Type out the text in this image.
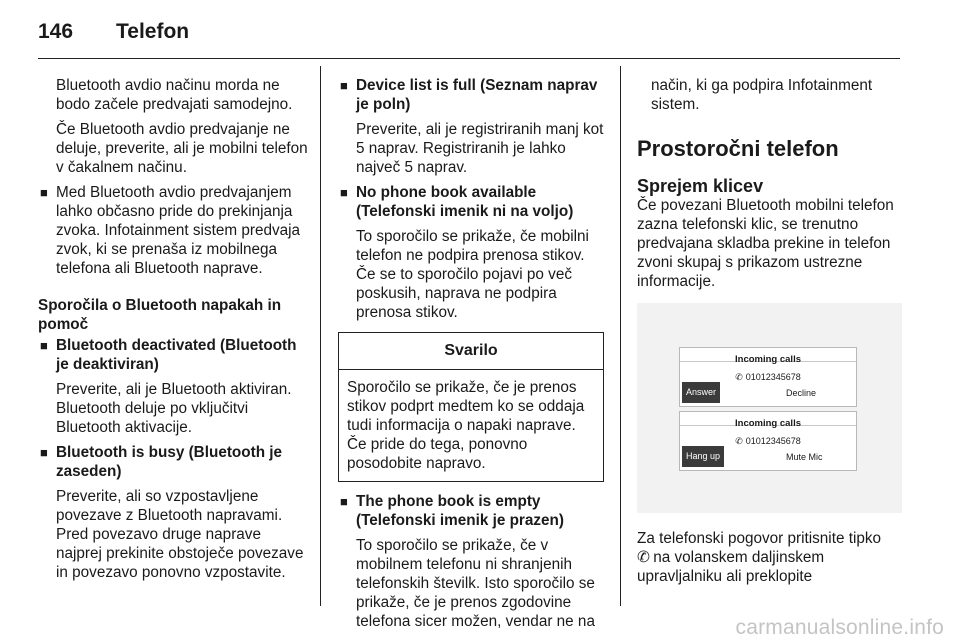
146 Telefon
Bluetooth avdio načinu morda ne bodo začele predvajati samodejno.
Če Bluetooth avdio predvajanje ne deluje, preverite, ali je mobilni telefon v čakalnem načinu.
■ Med Bluetooth avdio predvajanjem lahko občasno pride do prekinjanja zvoka. Infotainment sistem predvaja zvok, ki se prenaša iz mobilnega telefona ali Bluetooth naprave.
Sporočila o Bluetooth napakah in pomoč
■ Bluetooth deactivated (Bluetooth je deaktiviran)
Preverite, ali je Bluetooth aktiviran. Bluetooth deluje po vklјučitvi Bluetooth aktivacije.
■ Bluetooth is busy (Bluetooth je zaseden)
Preverite, ali so vzpostavljene povezave z Bluetooth napravami. Pred povezavo druge naprave najprej prekinite obstoječe povezave in povezavo ponovno vzpostavite.
■ Device list is full (Seznam naprav je poln)
Preverite, ali je registriranih manj kot 5 naprav. Registriranih je lahko največ 5 naprav.
■ No phone book available (Telefonski imenik ni na voljo)
To sporočilo se prikaže, če mobilni telefon ne podpira prenosa stikov. Če se to sporočilo pojavi po več poskusih, naprava ne podpira prenosa stikov.
Svarilo
Sporočilo se prikaže, če je prenos stikov podprt medtem ko se oddaja tudi informacija o napaki naprave. Če pride do tega, ponovno posodobite napravo.
■ The phone book is empty (Telefonski imenik je prazen)
To sporočilo se prikaže, če v mobilnem telefonu ni shranjenih telefonskih številk. Isto sporočilo se prikaže, če je prenos zgodovine telefona sicer možen, vendar ne na
način, ki ga podpira Infotainment sistem.
Prostoročni telefon
Sprejem klicev
Če povezani Bluetooth mobilni telefon zazna telefonski klic, se trenutno predvajana skladba prekine in telefon zvoni skupaj s prikazom ustrezne informacije.
Incoming calls
✆ 01012345678
Answer	Decline
Incoming calls
✆ 01012345678
Hang up	Mute Mic
Za telefonski pogovor pritisnite tipko
✆ na volanskem daljinskem upravljalniku ali preklopite
carmanualsonline.info
